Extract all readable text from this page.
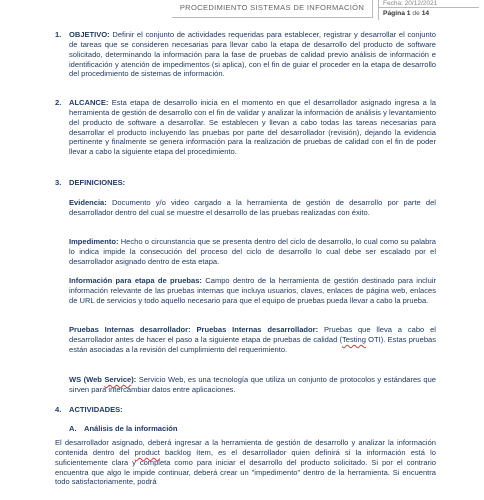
PROCEDIMIENTO SISTEMAS DE INFORMACIÓN	Fecha: 20/12/2021
Página 1 de 14
1. OBJETIVO: Definir el conjunto de actividades requeridas para establecer, registrar y desarrollar el conjunto de tareas que se consideren necesarias para llevar cabo la etapa de desarrollo del producto de software solicitado, determinando la información para la fase de pruebas de calidad previo análisis de información e identificación y atención de impedimentos (si aplica), con el fin de guiar el proceder en la etapa de desarrollo del procedimiento de sistemas de información.
2. ALCANCE: Esta etapa de desarrollo inicia en el momento en que el desarrollador asignado ingresa a la herramienta de gestión de desarrollo con el fin de validar y analizar la información de análisis y levantamiento del producto de software a desarrollar. Se establecen y llevan a cabo todas las tareas necesarias para desarrollar el producto incluyendo las pruebas por parte del desarrollador (revisión), dejando la evidencia pertinente y finalmente se genera información para la realización de pruebas de calidad con el fin de poder llevar a cabo la siguiente etapa del procedimiento.
3. DEFINICIONES:
Evidencia: Documento y/o video cargado a la herramienta de gestión de desarrollo por parte del desarrollador dentro del cual se muestre el desarrollo de las pruebas realizadas con éxito.
Impedimento: Hecho o circunstancia que se presenta dentro del ciclo de desarrollo, lo cual como su palabra lo indica impide la consecución del proceso del ciclo de desarrollo lo cual debe ser escalado por el desarrollador asignado dentro de esta etapa.
Información para etapa de pruebas: Campo dentro de la herramienta de gestión destinado para incluir información relevante de las pruebas internas que incluya usuarios, claves, enlaces de página web, enlaces de URL de servicios y todo aquello necesario para que el equipo de pruebas pueda llevar a cabo la prueba.
Pruebas Internas desarrollador: Pruebas Internas desarrollador: Pruebas que lleva a cabo el desarrollador antes de hacer el paso a la siguiente etapa de pruebas de calidad (Testing OTI). Estas pruebas están asociadas a la revisión del cumplimiento del requerimiento.
WS (Web Service): Servicio Web, es una tecnología que utiliza un conjunto de protocolos y estándares que sirven para intercambiar datos entre aplicaciones.
4. ACTIVIDADES:
A. Análisis de la información
El desarrollador asignado, deberá ingresar a la herramienta de gestión de desarrollo y analizar la información contenida dentro del product backlog ítem, es el desarrollador quien definirá si la información está lo suficientemente clara y completa como para iniciar el desarrollo del producto solicitado. Si por el contrario encuentra que algo le impide continuar, deberá crear un "impedimento" dentro de la herramienta. Si encuentra todo satisfactoriamente, podrá
